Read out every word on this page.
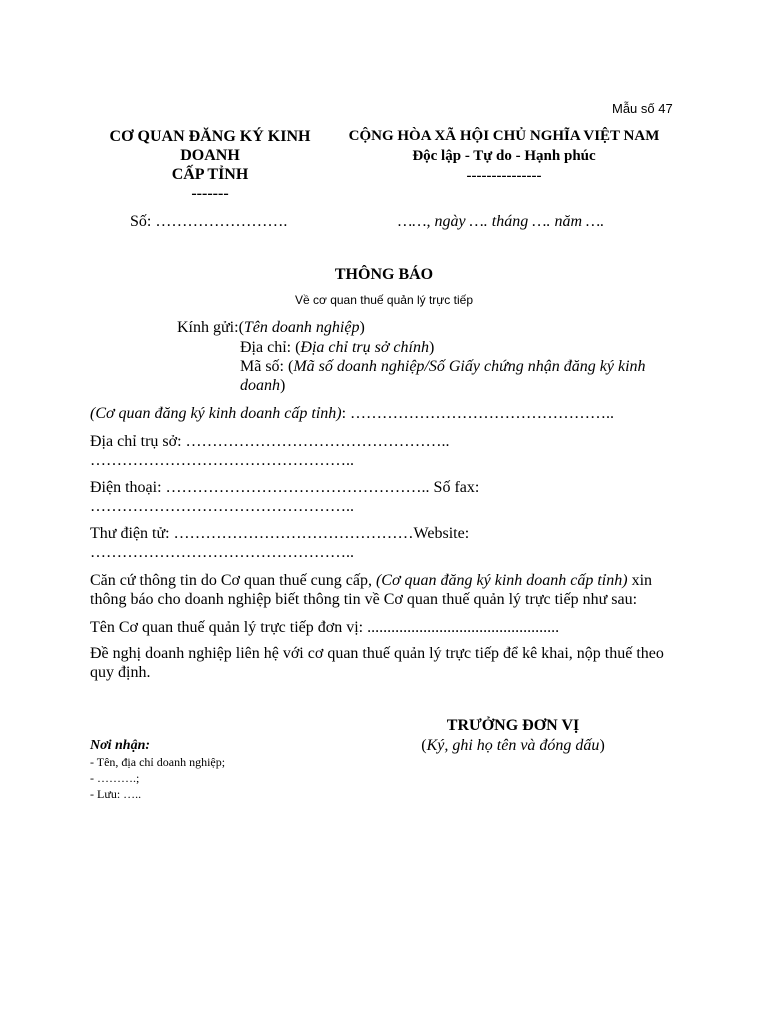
Mẫu số 47
CƠ QUAN ĐĂNG KÝ KINH
DOANH
CẤP TỈNH
-------
CỘNG HÒA XÃ HỘI CHỦ NGHĨA VIỆT NAM
Độc lập - Tự do - Hạnh phúc
---------------
Số: …………………….	……, ngày …. tháng …. năm ….
THÔNG BÁO
Về cơ quan thuế quản lý trực tiếp
Kính gửi:(Tên doanh nghiệp)
Địa chỉ: (Địa chỉ trụ sở chính)
Mã số: (Mã số doanh nghiệp/Số Giấy chứng nhận đăng ký kinh
doanh)
(Cơ quan đăng ký kinh doanh cấp tỉnh): …………………………………………..
Địa chỉ trụ sở: …………………………………………..
…………………………………………..
Điện thoại: ………………………………………….. Số fax:
…………………………………………..
Thư điện tử: ………………………………………Website:
…………………………………………..
Căn cứ thông tin do Cơ quan thuế cung cấp, (Cơ quan đăng ký kinh doanh cấp tỉnh) xin
thông báo cho doanh nghiệp biết thông tin về Cơ quan thuế quản lý trực tiếp như sau:
Tên Cơ quan thuế quản lý trực tiếp đơn vị: ................................................
Đề nghị doanh nghiệp liên hệ với cơ quan thuế quản lý trực tiếp để kê khai, nộp thuế theo
quy định.
TRƯỞNG ĐƠN VỊ
(Ký, ghi họ tên và đóng dấu)
Nơi nhận:
- Tên, địa chỉ doanh nghiệp;
- ……….;
- Lưu: …..
